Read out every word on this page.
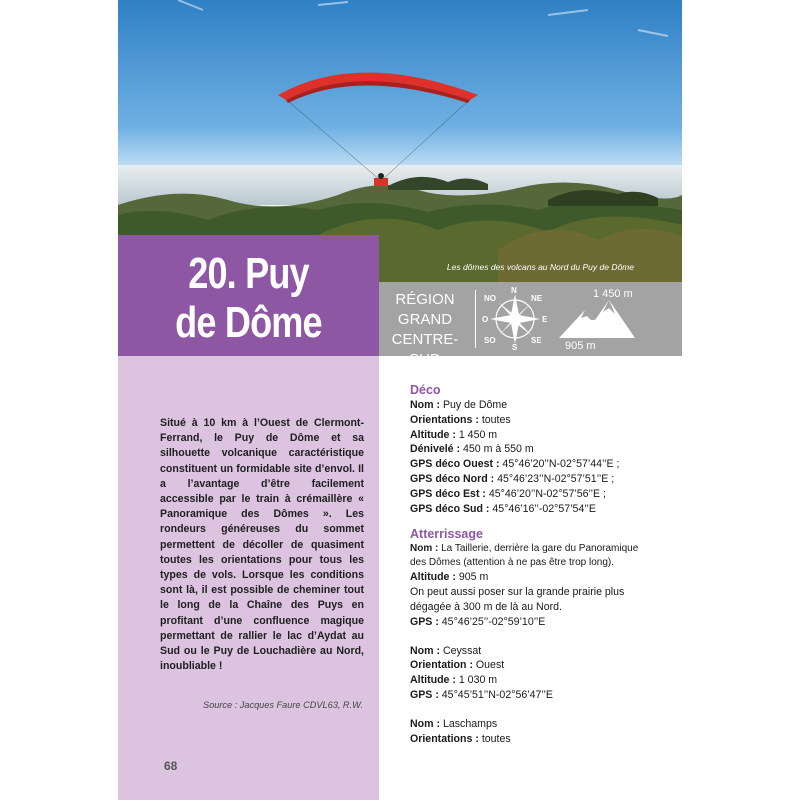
Les dômes des volcans au Nord du Puy de Dôme
20. Puy
de Dôme	RÉGION
GRAND
CENTRE-SUD
N
NE
NO
O	E
SO
S
SE
1 450 m
905 m
Situé à 10 km à l’Ouest de Clermont-Ferrand, le Puy de Dôme et sa silhouette volcanique caractéristique constituent un formidable site d’envol. Il a l’avantage d’être facilement accessible par le train à crémaillère « Panoramique des Dômes ». Les rondeurs généreuses du sommet permettent de décoller de quasiment toutes les orientations pour tous les types de vols. Lorsque les conditions sont là, il est possible de cheminer tout le long de la Chaîne des Puys en profitant d’une confluence magique permettant de rallier le lac d’Aydat au Sud ou le Puy de Louchadière au Nord, inoubliable !
Source : Jacques Faure CDVL63, R.W.
68
Déco
Nom : Puy de Dôme
Orientations : toutes
Altitude : 1 450 m
Dénivelé : 450 m à 550 m
GPS déco Ouest : 45°46’20’’N-02°57’44’’E ;
GPS déco Nord : 45°46’23’’N-02°57’51’’E ;
GPS déco Est : 45°46’20’’N-02°57’56’’E ;
GPS déco Sud : 45°46’16’’-02°57’54’’E
Atterrissage
Nom : La Taillerie, derrière la gare du Panoramique des Dômes (attention à ne pas être trop long).
Altitude : 905 m
On peut aussi poser sur la grande prairie plus dégagée à 300 m de là au Nord.
GPS : 45°46’25’’-02°59’10’’E
Nom : Ceyssat
Orientation : Ouest
Altitude : 1 030 m
GPS : 45°45’51’’N-02°56’47’’E
Nom : Laschamps
Orientations : toutes
